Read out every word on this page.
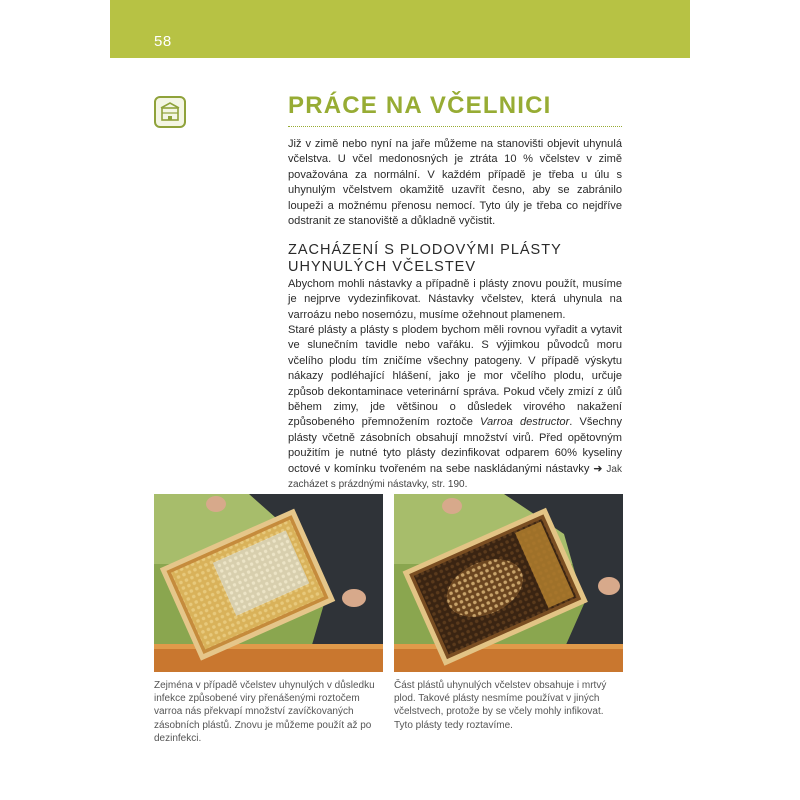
58
PRÁCE NA VČELNICI

Již v zimě nebo nyní na jaře můžeme na stanovišti objevit uhynulá včelstva. U včel medonosných je ztráta 10 % včelstev v zimě považována za normální. V každém případě je třeba u úlu s uhynulým včelstvem okamžitě uzavřít česno, aby se zabránilo loupeži a možnému přenosu nemocí. Tyto úly je třeba co nejdříve odstranit ze stanoviště a důkladně vyčistit.

ZACHÁZENÍ S PLODOVÝMI PLÁSTY UHYNULÝCH VČELSTEV

Abychom mohli nástavky a případně i plásty znovu použít, musíme je nejprve vydezinfikovat. Nástavky včelstev, která uhynula na varroázu nebo nosemózu, musíme ožehnout plamenem.

Staré plásty a plásty s plodem bychom měli rovnou vyřadit a vytavit ve slunečním tavidle nebo vařáku. S výjimkou původců moru včelího plodu tím zničíme všechny patogeny. V případě výskytu nákazy podléhající hlášení, jako je mor včelího plodu, určuje způsob dekontaminace veterinární správa. Pokud včely zmizí z úlů během zimy, jde většinou o důsledek virového nakažení způsobeného přemnožením roztoče Varroa destructor. Všechny plásty včetně zásobních obsahují množství virů. Před opětovným použitím je nutné tyto plásty dezinfikovat odparem 60% kyseliny octové v komínku tvořeném na sebe naskládanými nástavky ➜ Jak zacházet s prázdnými nástavky, str. 190.

Zejména v případě včelstev uhynulých v důsledku infekce způsobené viry přenášenými roztočem varroa nás překvapí množství zavíčkovaných zásobních plástů. Znovu je můžeme použít až po dezinfekci.

Část plástů uhynulých včelstev obsahuje i mrtvý plod. Takové plásty nesmíme používat v jiných včelstvech, protože by se včely mohly infikovat. Tyto plásty tedy roztavíme.
